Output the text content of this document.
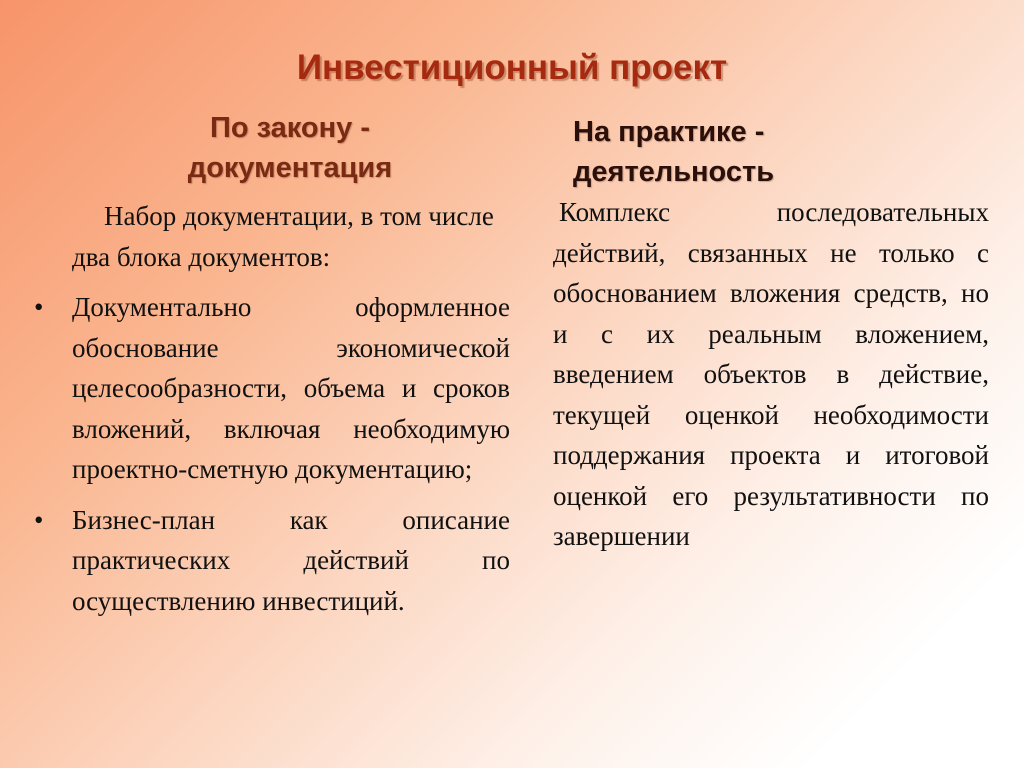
Инвестиционный проект
По закону -
документация
На практике -
деятельность

Набор документации, в том числе два блока документов:

•	Документально оформленное обоснование экономической целесообразности, объема и сроков вложений, включая необходимую проектно-сметную документацию;
•	Бизнес-план как описание практических действий по осуществлению инвестиций.

Комплекс последовательных действий, связанных не только с обоснованием вложения средств, но и с их реальным вложением, введением объектов в действие, текущей оценкой необходимости поддержания проекта и итоговой оценкой его результативности по завершении
